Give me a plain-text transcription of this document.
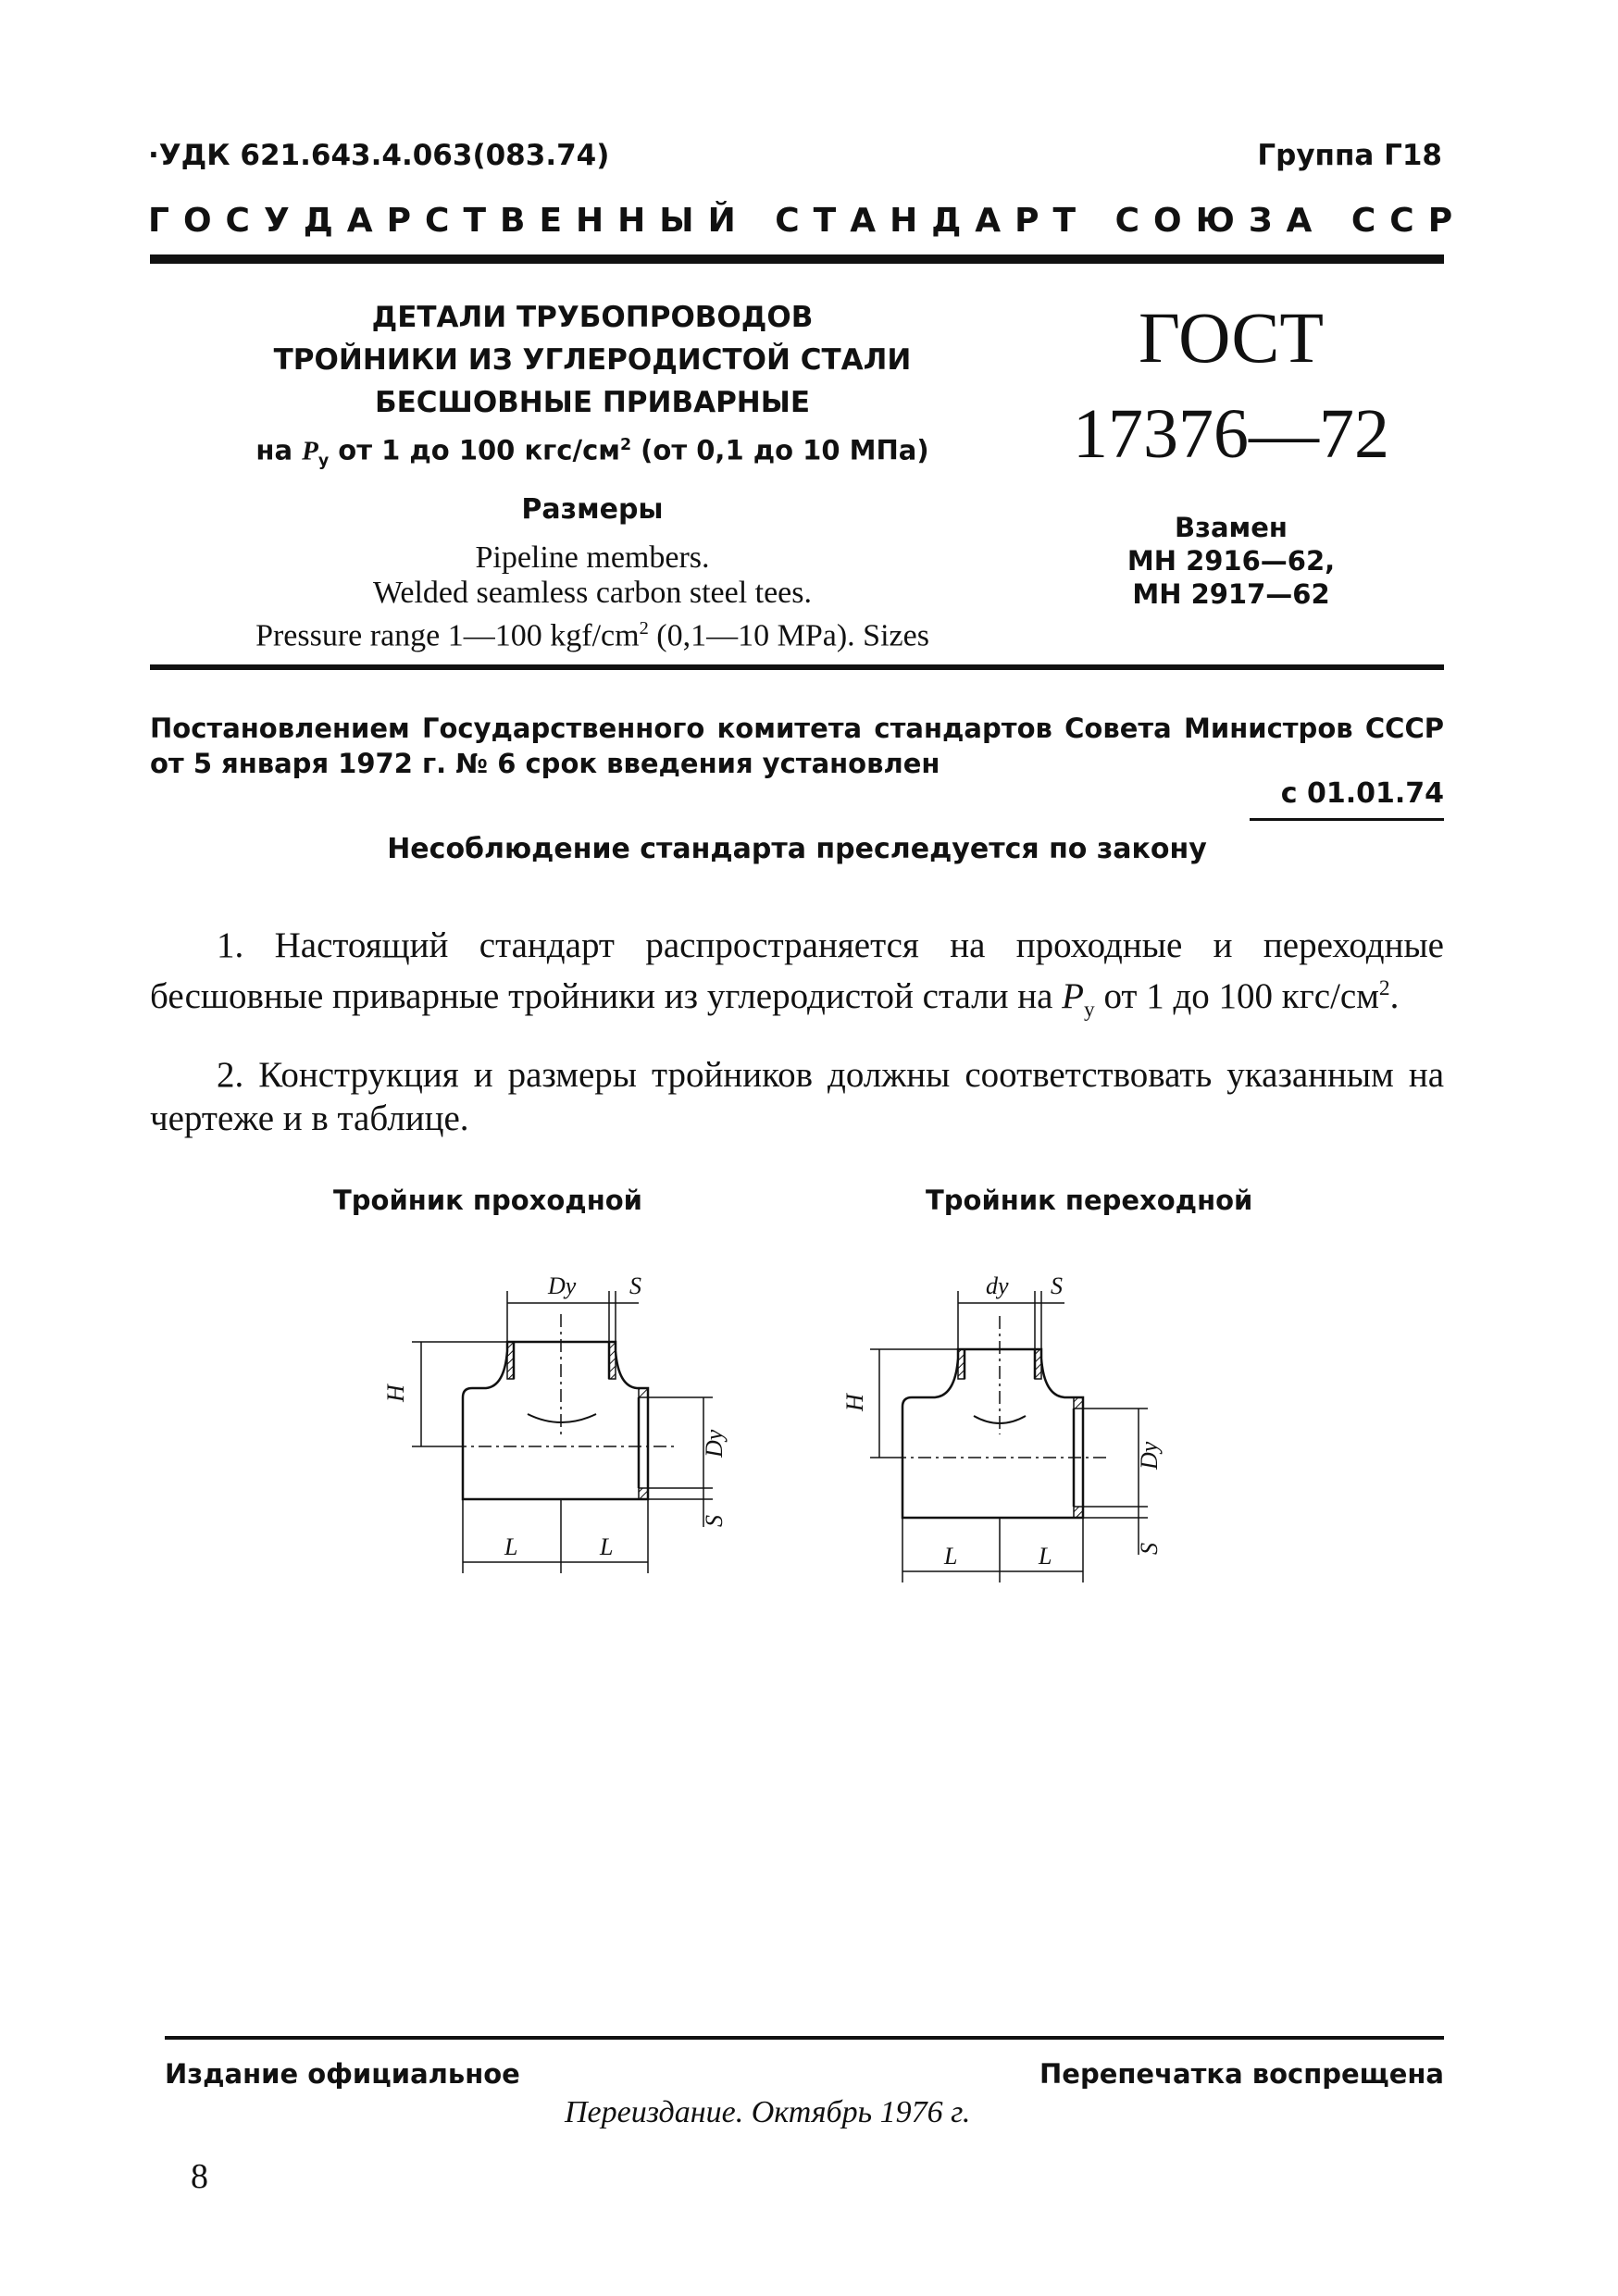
·УДК 621.643.4.063(083.74)	Группа Г18
ГОСУДАРСТВЕННЫЙ СТАНДАРТ СОЮЗА ССР
ДЕТАЛИ ТРУБОПРОВОДОВ
ТРОЙНИКИ ИЗ УГЛЕРОДИСТОЙ СТАЛИ
БЕСШОВНЫЕ ПРИВАРНЫЕ
на $P_у$ от 1 до 100 кгс/$см^2$ (от 0,1 до 10 МПа)
Размеры
Pipeline members.
Welded seamless carbon steel tees.
Pressure range 1—100 kgf/$cm^2$ (0,1—10 MPa). Sizes
ГОСТ
17376—72
Взамен
МН 2916—62,
МН 2917—62
Постановлением Государственного комитета стандартов Совета Министров СССР от 5 января 1972 г. № 6 срок введения установлен
с 01.01.74
Несоблюдение стандарта преследуется по закону
1. Настоящий стандарт распространяется на проходные и переходные бесшовные приварные тройники из углеродистой стали на $P_у$ от 1 до 100 кгс/$см^2$.
2. Конструкция и размеры тройников должны соответствовать указанным на чертеже и в таблице.
Тройник проходной	Тройник переходной
Dy S
H
Dy
S
L	L
dy S
H
Dy
S
L	L
Издание официальное	Перепечатка воспрещена
Переиздание. Октябрь 1976 г.
8
